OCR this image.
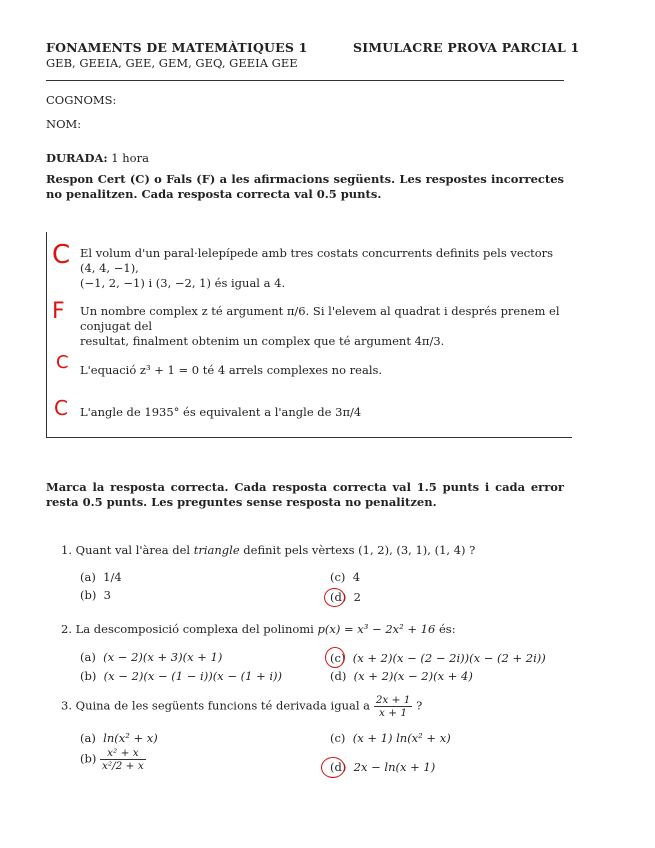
FONAMENTS DE MATEMÀTIQUES 1	SIMULACRE PROVA PARCIAL 1
GEB, GEEIA, GEE, GEM, GEQ, GEEIA GEE
COGNOMS:
NOM:
DURADA: 1 hora
Respon Cert (C) o Fals (F) a les afirmacions següents. Les respostes incorrectes no penalitzen. Cada resposta correcta val 0.5 punts.
C El volum d'un paral·lelepípede amb tres costats concurrents definits pels vectors (4, 4, −1),
(−1, 2, −1) i (3, −2, 1) és igual a 4.
F Un nombre complex z té argument π/6. Si l'elevem al quadrat i després prenem el conjugat del
resultat, finalment obtenim un complex que té argument 4π/3.
C L'equació z³ + 1 = 0 té 4 arrels complexes no reals.
C L'angle de 1935° és equivalent a l'angle de 3π/4
Marca la resposta correcta. Cada resposta correcta val 1.5 punts i cada error resta 0.5 punts. Les preguntes sense resposta no penalitzen.
1. Quant val l'àrea del triangle definit pels vèrtexs (1, 2), (3, 1), (1, 4) ?
(a) 1/4
(b) 3
(c) 4
(d) 2
2. La descomposició complexa del polinomi p(x) = x³ − 2x² + 16 és:
(a) (x − 2)(x + 3)(x + 1)
(b) (x − 2)(x − (1 − i))(x − (1 + i))
(c) (x + 2)(x − (2 − 2i))(x − (2 + 2i))
(d) (x + 2)(x − 2)(x + 4)
3. Quina de les següents funcions té derivada igual a $\frac{2x + 1}{x + 1}$ ?
(a) ln(x² + x)
$(b) \frac{\text{x² + x}}{\text{x²/2 + x}}$
(c) (x + 1) ln(x² + x)
(d) 2x − ln(x + 1)
